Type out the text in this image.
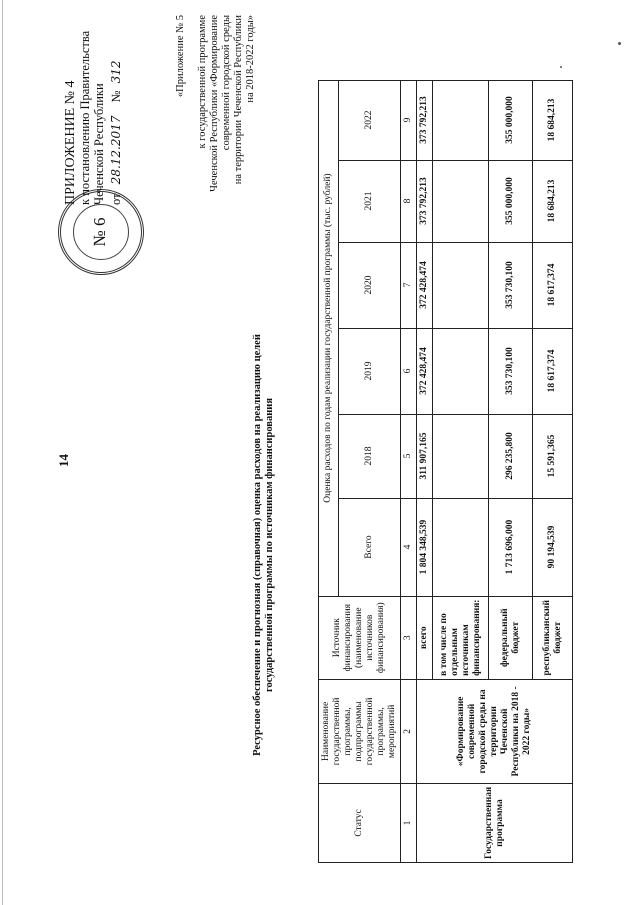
14
№ 6
ПРИЛОЖЕНИЕ № 4 к постановлению Правительства Чеченской Республики от 28.12.2017 № 312	«Приложение № 5 к государственной программе Чеченской Республики «Формирование современной городской среды на территории Чеченской Республики на 2018-2022 годы»
Ресурсное обеспечение и прогнозная (справочная) оценка расходов на реализацию целей государственной программы по источникам финансирования
Статус	Наименование государственной программы, подпрограммы государственной программы, мероприятий	Источник финансирования (наименование источников финансирования)	Оценка расходов по годам реализации государственной программы (тыс. рублей)					
			Всего	2018	2019	2020	2021	2022
1	2	3	4	5	6	7	8	9
Государственная программа	«Формирование современной городской среды на территории Чеченской Республики на 2018 - 2022 годы»	всего	1 804 348,539	311 907,165	372 428,474	372 428,474	373 792,213	373 792,213
		в том числе по отдельным источникам финансирования:						
		федеральный бюджет	1 713 696,000	296 235,800	353 730,100	353 730,100	355 000,000	355 000,000
		республиканский бюджет	90 194,539	15 591,365	18 617,374	18 617,374	18 684,213	18 684,213
